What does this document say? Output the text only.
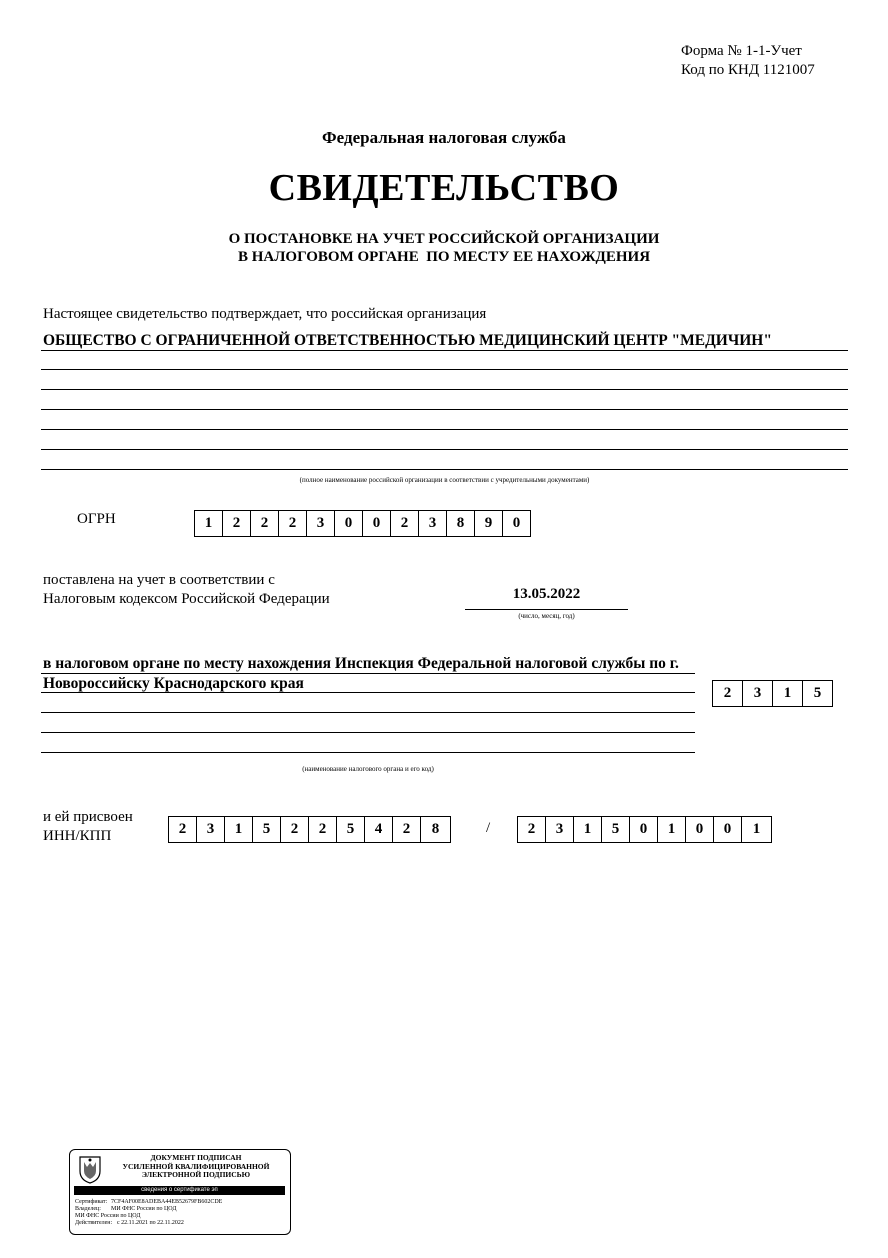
Форма № 1-1-Учет
Код по КНД 1121007
Федеральная налоговая служба
СВИДЕТЕЛЬСТВО
О ПОСТАНОВКЕ НА УЧЕТ РОССИЙСКОЙ ОРГАНИЗАЦИИ
В НАЛОГОВОМ ОРГАНЕ  ПО МЕСТУ ЕЕ НАХОЖДЕНИЯ
Настоящее свидетельство подтверждает, что российская организация
ОБЩЕСТВО С ОГРАНИЧЕННОЙ ОТВЕТСТВЕННОСТЬЮ МЕДИЦИНСКИЙ ЦЕНТР "МЕДИЧИН"
(полное наименование российской организации в соответствии с учредительными документами)
ОГРН	1	2	2	2	3	0	0	2	3	8	9	0
поставлена на учет в соответствии с
Налоговым кодексом Российской Федерации	13.05.2022
(число, месяц, год)
в налоговом органе по месту нахождения Инспекция Федеральной налоговой службы по г. Новороссийску Краснодарского края
(наименование налогового органа и его код)
2	3	1	5
и ей присвоен
ИНН/КПП	2	3	1	5	2	2	5	4	2	8	/	2	3	1	5	0	1	0	0	1
ДОКУМЕНТ ПОДПИСАН
УСИЛЕННОЙ КВАЛИФИЦИРОВАННОЙ
ЭЛЕКТРОННОЙ ПОДПИСЬЮ
сведения о сертификате эп
Сертификат: 7CF4AF00E8ADEBA44EB52679FB602CDE
Владелец:	МИ ФНС России по ЦОД
МИ ФНС России по ЦОД
Действителен: с 22.11.2021 по 22.11.2022
